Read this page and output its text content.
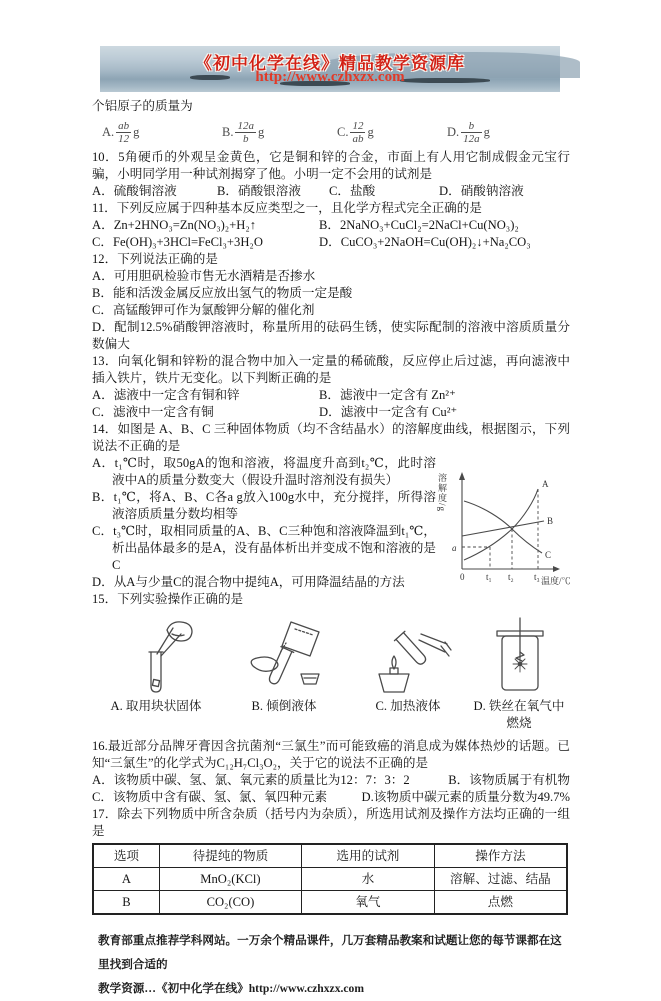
《初中化学在线》精品教学资源库
http://www.czhxzx.com

个铝原子的质量为

A. $\frac{ab}{12}$ g	B. $\frac{12a}{b}$ g	C. $\frac{12}{ab}$ g	D. $\frac{b}{12a}$ g

10．5角硬币的外观呈金黄色，它是铜和锌的合金，市面上有人用它制成假金元宝行骗，小明同学用一种试剂揭穿了他。小明一定不会用的试剂是

A．硫酸铜溶液	B．硝酸银溶液	C．盐酸	D．硝酸钠溶液

11．下列反应属于四种基本反应类型之一，且化学方程式完全正确的是

A．Zn+2HNO₃=Zn(NO₃)₂+H₂↑	B．2NaNO₃+CuCl₂=2NaCl+Cu(NO₃)₂
C．Fe(OH)₃+3HCl=FeCl₃+3H₂O	D．CuCO₃+2NaOH=Cu(OH)₂↓+Na₂CO₃

12．下列说法正确的是

A．可用胆矾检验市售无水酒精是否掺水

B．能和活泼金属反应放出氢气的物质一定是酸

C．高锰酸钾可作为氯酸钾分解的催化剂

D．配制12.5%硝酸钾溶液时，称量所用的砝码生锈，使实际配制的溶液中溶质质量分数偏大

13．向氧化铜和锌粉的混合物中加入一定量的稀硫酸，反应停止后过滤，再向滤液中插入铁片，铁片无变化。以下判断正确的是

A．滤液中一定含有铜和锌	B．滤液中一定含有 Zn²⁺
C．滤液中一定含有铜	D．滤液中一定含有 Cu²⁺

14．如图是 A、B、C 三种固体物质（均不含结晶水）的溶解度曲线，根据图示，下列说法不正确的是

A．t₁℃时，取50gA的饱和溶液，将温度升高到t₂℃，此时溶液中A的质量分数变大（假设升温时溶剂没有损失）

B．t₁℃，将A、B、C各a g放入100g水中，充分搅拌，所得溶液溶质质量分数均相等

C．t₃℃时，取相同质量的A、B、C三种饱和溶液降温到t₁℃，析出晶体最多的是A，没有晶体析出并变成不饱和溶液的是C

D．从A与少量C的混合物中提纯A，可用降温结晶的方法

溶解度/g
a
0 t₁ t₂ t₃ 温度/℃
A
B
C

15．下列实验操作正确的是

A. 取用块状固体	B. 倾倒液体	C. 加热液体	D. 铁丝在氧气中燃烧

16.最近部分品牌牙膏因含抗菌剂“三氯生”而可能致癌的消息成为媒体热炒的话题。已知“三氯生”的化学式为C₁₂H₇Cl₃O₂，关于它的说法不正确的是

A．该物质中碳、氢、氯、氧元素的质量比为12：7：3：2	B．该物质属于有机物
C．该物质中含有碳、氢、氯、氧四种元素	D.该物质中碳元素的质量分数为49.7%

17．除去下列物质中所含杂质（括号内为杂质），所选用试剂及操作方法均正确的一组是

选项	待提纯的物质	选用的试剂	操作方法
A	MnO₂(KCl)	水	溶解、过滤、结晶
B	CO₂(CO)	氧气	点燃

教育部重点推荐学科网站。一万余个精品课件，几万套精品教案和试题让您的每节课都在这里找到合适的

教学资源…《初中化学在线》http://www.czhxzx.com
